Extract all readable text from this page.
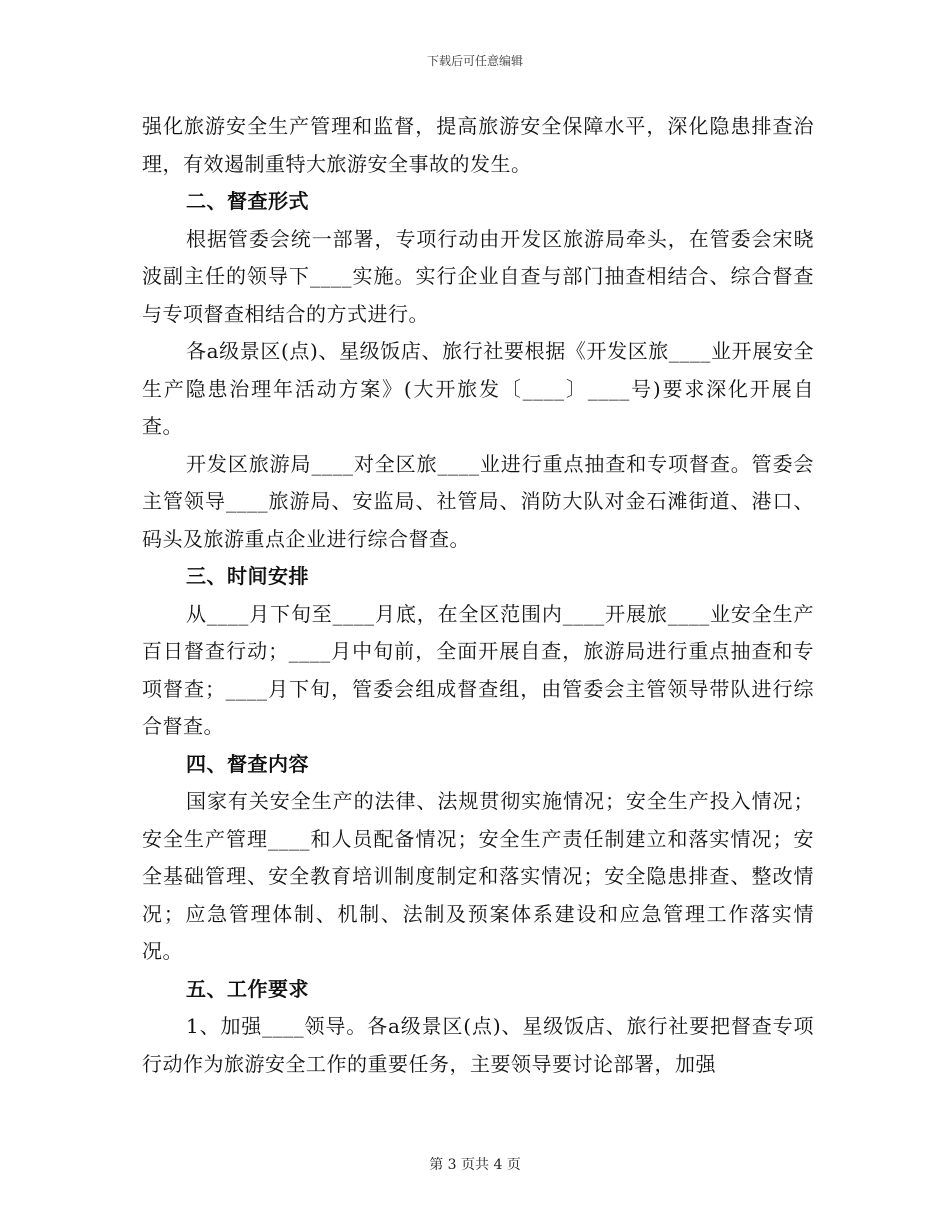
下载后可任意编辑

强化旅游安全生产管理和监督，提高旅游安全保障水平，深化隐患排查治理，有效遏制重特大旅游安全事故的发生。

二、督查形式

根据管委会统一部署，专项行动由开发区旅游局牵头，在管委会宋晓波副主任的领导下____实施。实行企业自查与部门抽查相结合、综合督查与专项督查相结合的方式进行。

各a级景区(点)、星级饭店、旅行社要根据《开发区旅____业开展安全生产隐患治理年活动方案》(大开旅发〔____〕____号)要求深化开展自查。

开发区旅游局____对全区旅____业进行重点抽查和专项督查。管委会主管领导____旅游局、安监局、社管局、消防大队对金石滩街道、港口、码头及旅游重点企业进行综合督查。

三、时间安排

从____月下旬至____月底，在全区范围内____开展旅____业安全生产百日督查行动；____月中旬前，全面开展自查，旅游局进行重点抽查和专项督查；____月下旬，管委会组成督查组，由管委会主管领导带队进行综合督查。

四、督查内容

国家有关安全生产的法律、法规贯彻实施情况；安全生产投入情况；安全生产管理____和人员配备情况；安全生产责任制建立和落实情况；安全基础管理、安全教育培训制度制定和落实情况；安全隐患排查、整改情况；应急管理体制、机制、法制及预案体系建设和应急管理工作落实情况。

五、工作要求

1、加强____领导。各a级景区(点)、星级饭店、旅行社要把督查专项行动作为旅游安全工作的重要任务，主要领导要讨论部署，加强

第 3 页共 4 页
